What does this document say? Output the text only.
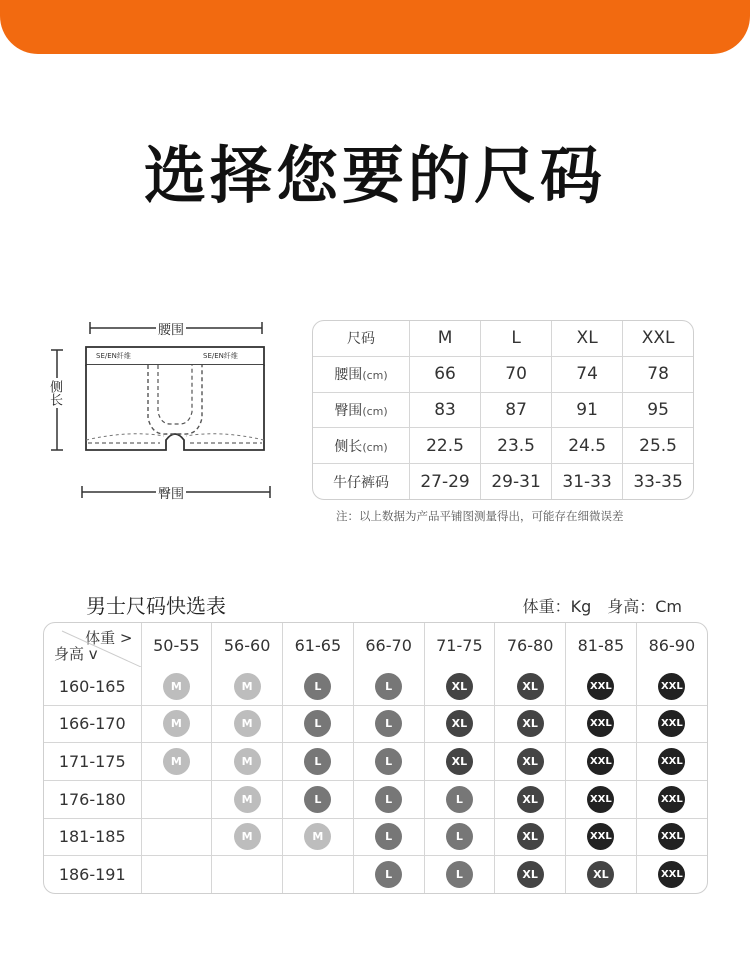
选择您要的尺码
腰围
侧长
臀围
SE/EN纤维	SE/EN纤维
尺码	M	L	XL	XXL
腰围(cm)	66	70	74	78
臀围(cm)	83	87	91	95
侧长(cm)	22.5	23.5	24.5	25.5
牛仔裤码	27-29	29-31	31-33	33-35
注：以上数据为产品平铺图测量得出，可能存在细微误差
男士尺码快选表	体重：Kg　身高：Cm
体重 >
身高 v	50-55	56-60	61-65	66-70	71-75	76-80	81-85	86-90
160-165	M	M	L	L	XL	XL	XXL	XXL
166-170	M	M	L	L	XL	XL	XXL	XXL
171-175	M	M	L	L	XL	XL	XXL	XXL
176-180		M	L	L	L	XL	XXL	XXL
181-185		M	M	L	L	XL	XXL	XXL
186-191				L	L	XL	XL	XXL
